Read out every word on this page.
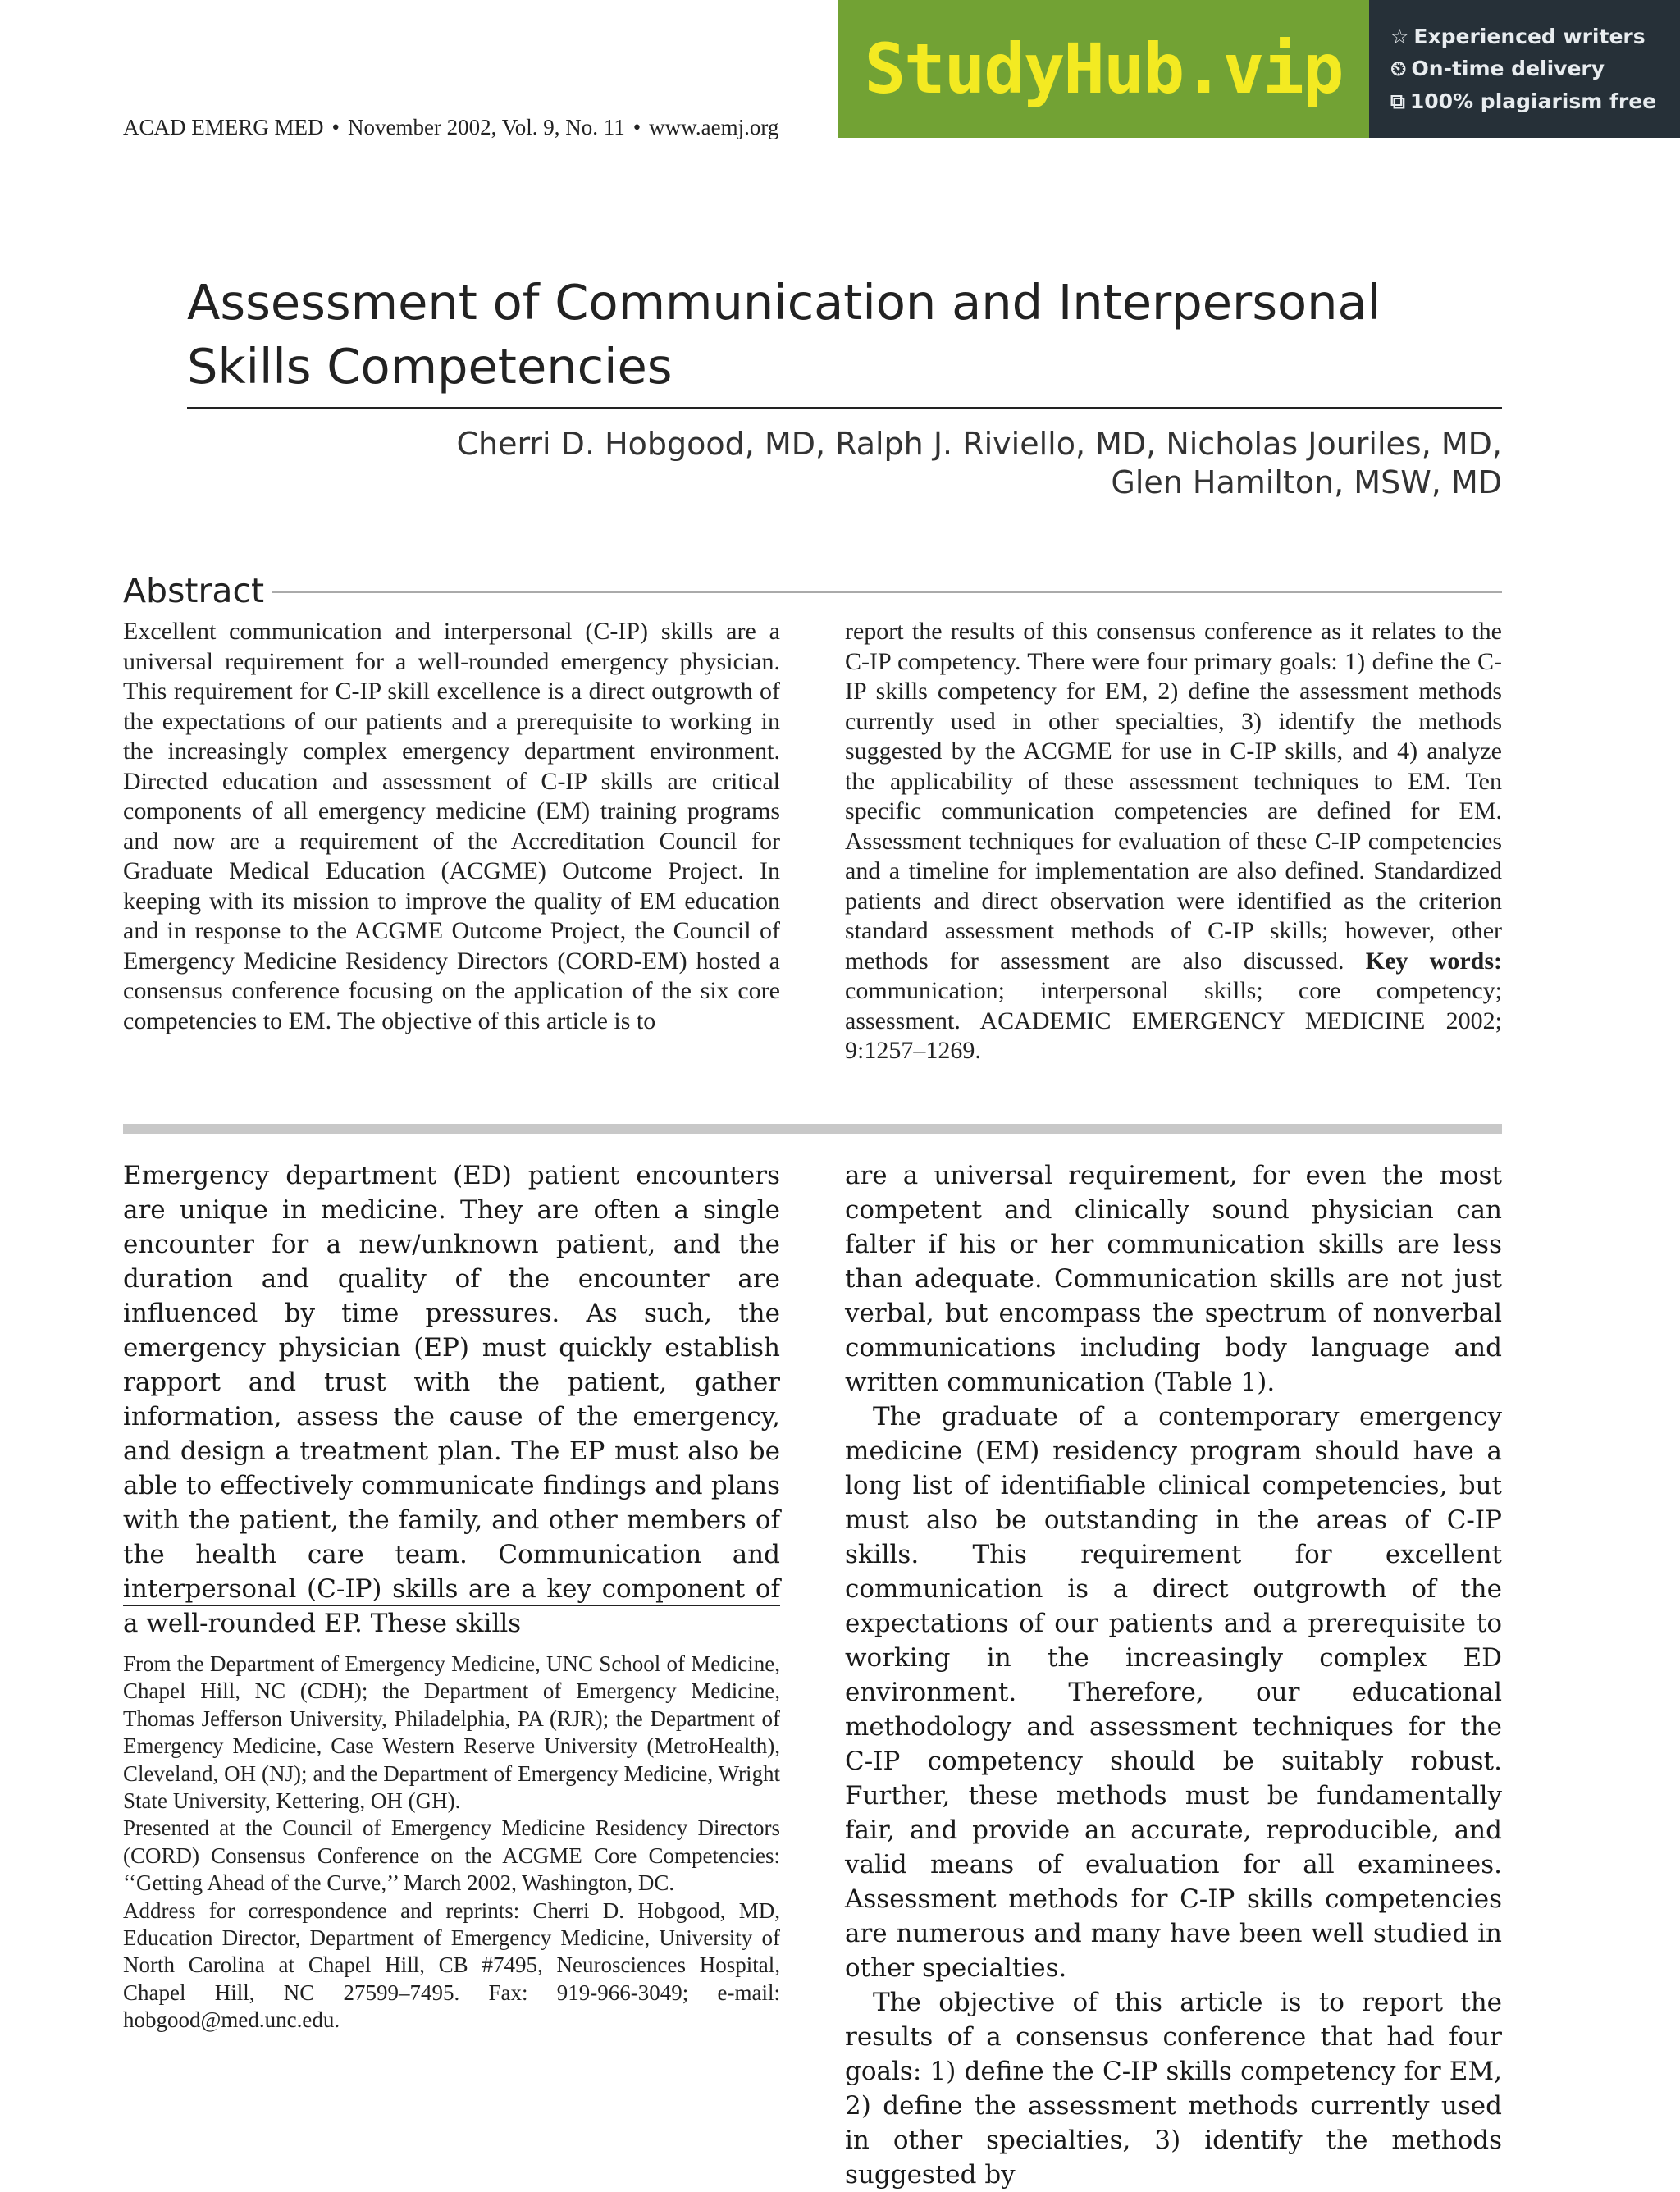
ACAD EMERG MED • November 2002, Vol. 9, No. 11 • www.aemj.org
StudyHub.vip ☆ Experienced writers
⏲ On-time delivery
⧉ 100% plagiarism free
Assessment of Communication and Interpersonal
Skills Competencies
Cherri D. Hobgood, MD, Ralph J. Riviello, MD, Nicholas Jouriles, MD,
Glen Hamilton, MSW, MD
Abstract

Excellent communication and interpersonal (C-IP) skills are a universal requirement for a well-rounded emergency physician. This requirement for C-IP skill excellence is a direct outgrowth of the expectations of our patients and a prerequisite to working in the increasingly complex emergency department environment. Directed education and assessment of C-IP skills are critical components of all emergency medicine (EM) training programs and now are a requirement of the Accreditation Council for Graduate Medical Education (ACGME) Outcome Project. In keeping with its mission to improve the quality of EM education and in response to the ACGME Outcome Project, the Council of Emergency Medicine Residency Directors (CORD-EM) hosted a consensus conference focusing on the application of the six core competencies to EM. The objective of this article is to

report the results of this consensus conference as it relates to the C-IP competency. There were four primary goals: 1) define the C-IP skills competency for EM, 2) define the assessment methods currently used in other specialties, 3) identify the methods suggested by the ACGME for use in C-IP skills, and 4) analyze the applicability of these assessment techniques to EM. Ten specific communication competencies are defined for EM. Assessment techniques for evaluation of these C-IP competencies and a timeline for implementation are also defined. Standardized patients and direct observation were identified as the criterion standard assessment methods of C-IP skills; however, other methods for assessment are also discussed. Key words: communication; interpersonal skills; core competency; assessment. ACADEMIC EMERGENCY MEDICINE 2002; 9:1257–1269.

Emergency department (ED) patient encounters are unique in medicine. They are often a single encounter for a new/unknown patient, and the duration and quality of the encounter are influenced by time pressures. As such, the emergency physician (EP) must quickly establish rapport and trust with the patient, gather information, assess the cause of the emergency, and design a treatment plan. The EP must also be able to effectively communicate findings and plans with the patient, the family, and other members of the health care team. Communication and interpersonal (C-IP) skills are a key component of a well-rounded EP. These skills

are a universal requirement, for even the most competent and clinically sound physician can falter if his or her communication skills are less than adequate. Communication skills are not just verbal, but encompass the spectrum of nonverbal communications including body language and written communication (Table 1).

The graduate of a contemporary emergency medicine (EM) residency program should have a long list of identifiable clinical competencies, but must also be outstanding in the areas of C-IP skills. This requirement for excellent communication is a direct outgrowth of the expectations of our patients and a prerequisite to working in the increasingly complex ED environment. Therefore, our educational methodology and assessment techniques for the C-IP competency should be suitably robust. Further, these methods must be fundamentally fair, and provide an accurate, reproducible, and valid means of evaluation for all examinees. Assessment methods for C-IP skills competencies are numerous and many have been well studied in other specialties.

The objective of this article is to report the results of a consensus conference that had four goals: 1) define the C-IP skills competency for EM, 2) define the assessment methods currently used in other specialties, 3) identify the methods suggested by

From the Department of Emergency Medicine, UNC School of Medicine, Chapel Hill, NC (CDH); the Department of Emergency Medicine, Thomas Jefferson University, Philadelphia, PA (RJR); the Department of Emergency Medicine, Case Western Reserve University (MetroHealth), Cleveland, OH (NJ); and the Department of Emergency Medicine, Wright State University, Kettering, OH (GH).

Presented at the Council of Emergency Medicine Residency Directors (CORD) Consensus Conference on the ACGME Core Competencies: ‘‘Getting Ahead of the Curve,’’ March 2002, Washington, DC.

Address for correspondence and reprints: Cherri D. Hobgood, MD, Education Director, Department of Emergency Medicine, University of North Carolina at Chapel Hill, CB #7495, Neurosciences Hospital, Chapel Hill, NC 27599–7495. Fax: 919-966-3049; e-mail: hobgood@med.unc.edu.
